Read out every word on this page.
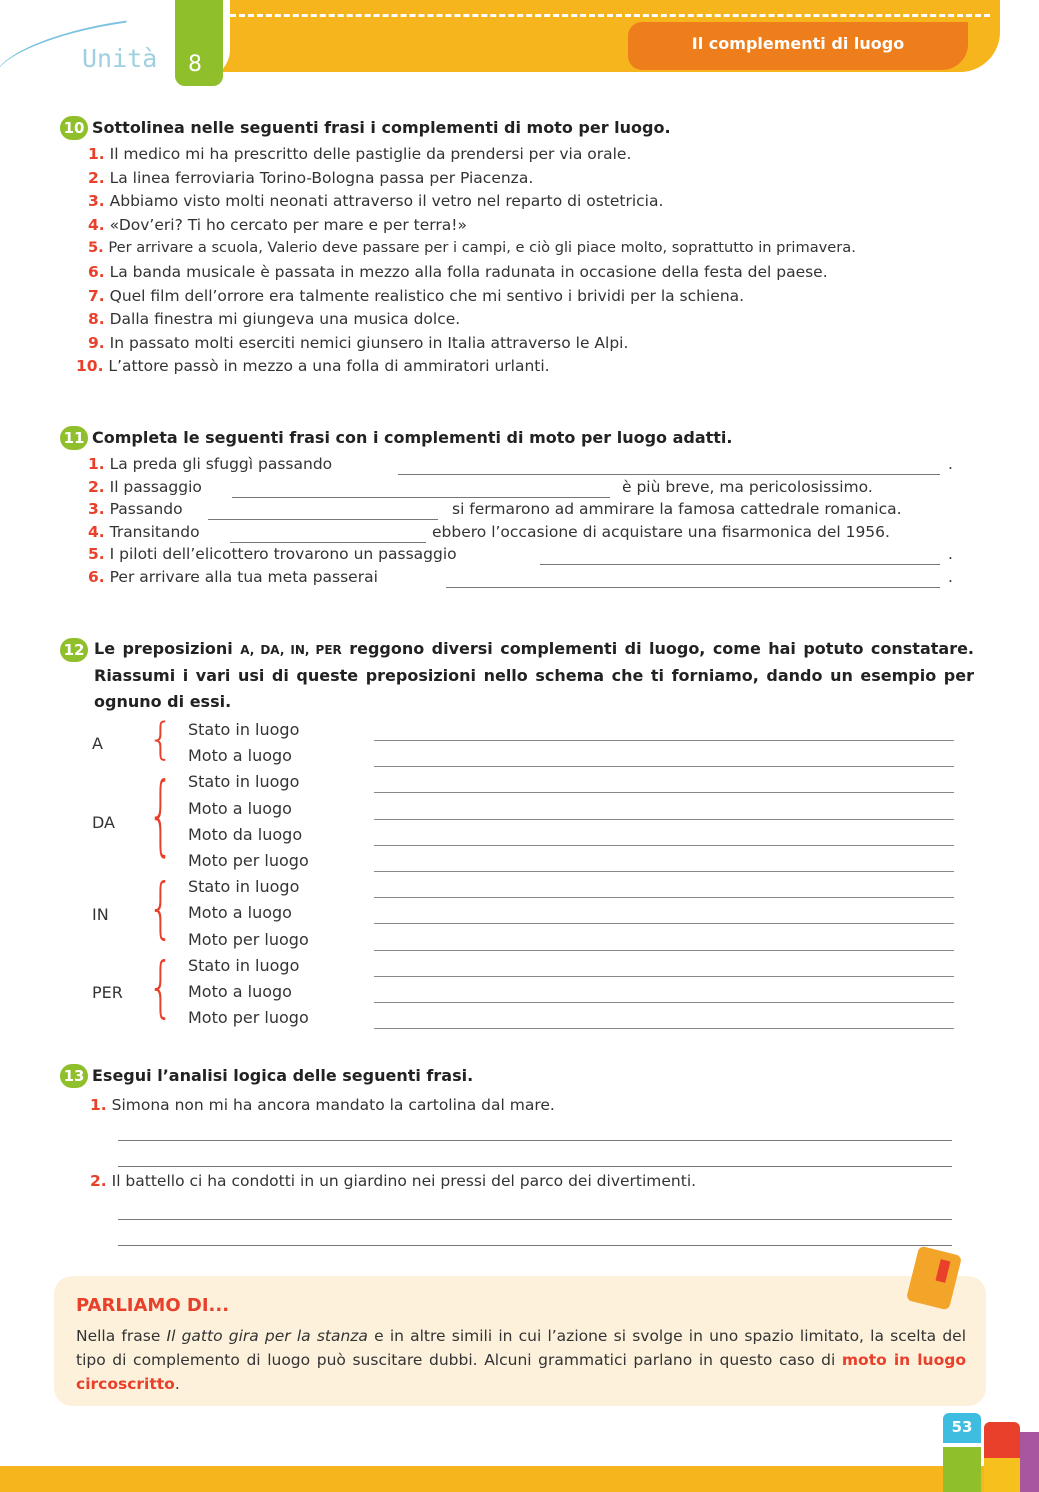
Unità 8
Il complementi di luogo
10 Sottolinea nelle seguenti frasi i complementi di moto per luogo.
1. Il medico mi ha prescritto delle pastiglie da prendersi per via orale.
2. La linea ferroviaria Torino-Bologna passa per Piacenza.
3. Abbiamo visto molti neonati attraverso il vetro nel reparto di ostetricia.
4. «Dov’eri? Ti ho cercato per mare e per terra!»
5. Per arrivare a scuola, Valerio deve passare per i campi, e ciò gli piace molto, soprattutto in primavera.
6. La banda musicale è passata in mezzo alla folla radunata in occasione della festa del paese.
7. Quel film dell’orrore era talmente realistico che mi sentivo i brividi per la schiena.
8. Dalla finestra mi giungeva una musica dolce.
9. In passato molti eserciti nemici giunsero in Italia attraverso le Alpi.
10. L’attore passò in mezzo a una folla di ammiratori urlanti.
11 Completa le seguenti frasi con i complementi di moto per luogo adatti.
1. La preda gli sfuggì passando	.
2. Il passaggio	è più breve, ma pericolosissimo.
3. Passando	si fermarono ad ammirare la famosa cattedrale romanica.
4. Transitando	ebbero l’occasione di acquistare una fisarmonica del 1956.
5. I piloti dell’elicottero trovarono un passaggio	.
6. Per arrivare alla tua meta passerai	.
12 Le preposizioni A, DA, IN, PER reggono diversi complementi di luogo, come hai potuto constatare. Riassumi i vari usi di queste preposizioni nello schema che ti forniamo, dando un esempio per ognuno di essi.
A { Stato in luogo
Moto a luogo
DA { Stato in luogo
Moto a luogo
Moto da luogo
Moto per luogo
IN { Stato in luogo
Moto a luogo
Moto per luogo
PER { Stato in luogo
Moto a luogo
Moto per luogo
13 Esegui l’analisi logica delle seguenti frasi.
1. Simona non mi ha ancora mandato la cartolina dal mare.
2. Il battello ci ha condotti in un giardino nei pressi del parco dei divertimenti.
PARLIAMO DI...
Nella frase Il gatto gira per la stanza e in altre simili in cui l’azione si svolge in uno spazio limitato, la scelta del tipo di complemento di luogo può suscitare dubbi. Alcuni grammatici parlano in questo caso di moto in luogo circoscritto.
53
